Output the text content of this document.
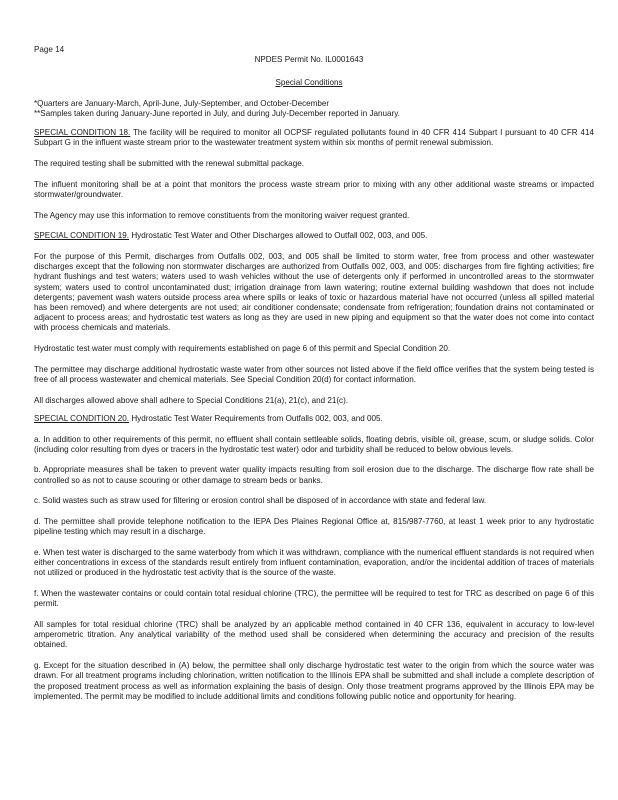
Page 14
NPDES Permit No. IL0001643
Special Conditions
*Quarters are January-March, April-June, July-September, and October-December
**Samples taken during January-June reported in July, and during July-December reported in January.

SPECIAL CONDITION 18. The facility will be required to monitor all OCPSF regulated pollutants found in 40 CFR 414 Subpart I pursuant to 40 CFR 414 Subpart G in the influent waste stream prior to the wastewater treatment system within six months of permit renewal submission.

The required testing shall be submitted with the renewal submittal package.

The influent monitoring shall be at a point that monitors the process waste stream prior to mixing with any other additional waste streams or impacted stormwater/groundwater.

The Agency may use this information to remove constituents from the monitoring waiver request granted.

SPECIAL CONDITION 19. Hydrostatic Test Water and Other Discharges allowed to Outfall 002, 003, and 005.

For the purpose of this Permit, discharges from Outfalls 002, 003, and 005 shall be limited to storm water, free from process and other wastewater discharges except that the following non stormwater discharges are authorized from Outfalls 002, 003, and 005: discharges from fire fighting activities; fire hydrant flushings and test waters; waters used to wash vehicles without the use of detergents only if performed in uncontrolled areas to the stormwater system; waters used to control uncontaminated dust; irrigation drainage from lawn watering; routine external building washdown that does not include detergents; pavement wash waters outside process area where spills or leaks of toxic or hazardous material have not occurred (unless all spilled material has been removed) and where detergents are not used; air conditioner condensate; condensate from refrigeration; foundation drains not contaminated or adjacent to process areas; and hydrostatic test waters as long as they are used in new piping and equipment so that the water does not come into contact with process chemicals and materials.

Hydrostatic test water must comply with requirements established on page 6 of this permit and Special Condition 20.

The permittee may discharge additional hydrostatic waste water from other sources not listed above if the field office verifies that the system being tested is free of all process wastewater and chemical materials. See Special Condition 20(d) for contact information.

All discharges allowed above shall adhere to Special Conditions 21(a), 21(c), and 21(c).

SPECIAL CONDITION 20. Hydrostatic Test Water Requirements from Outfalls 002, 003, and 005.

a. In addition to other requirements of this permit, no effluent shall contain settleable solids, floating debris, visible oil, grease, scum, or sludge solids. Color (including color resulting from dyes or tracers in the hydrostatic test water) odor and turbidity shall be reduced to below obvious levels.

b. Appropriate measures shall be taken to prevent water quality impacts resulting from soil erosion due to the discharge. The discharge flow rate shall be controlled so as not to cause scouring or other damage to stream beds or banks.

c. Solid wastes such as straw used for filtering or erosion control shall be disposed of in accordance with state and federal law.

d. The permittee shall provide telephone notification to the IEPA Des Plaines Regional Office at, 815/987-7760, at least 1 week prior to any hydrostatic pipeline testing which may result in a discharge.

e. When test water is discharged to the same waterbody from which it was withdrawn, compliance with the numerical effluent standards is not required when either concentrations in excess of the standards result entirely from influent contamination, evaporation, and/or the incidental addition of traces of materials not utilized or produced in the hydrostatic test activity that is the source of the waste.

f. When the wastewater contains or could contain total residual chlorine (TRC), the permittee will be required to test for TRC as described on page 6 of this permit.

All samples for total residual chlorine (TRC) shall be analyzed by an applicable method contained in 40 CFR 136, equivalent in accuracy to low-level amperometric titration. Any analytical variability of the method used shall be considered when determining the accuracy and precision of the results obtained.

g. Except for the situation described in (A) below, the permittee shall only discharge hydrostatic test water to the origin from which the source water was drawn. For all treatment programs including chlorination, written notification to the Illinois EPA shall be submitted and shall include a complete description of the proposed treatment process as well as information explaining the basis of design. Only those treatment programs approved by the Illinois EPA may be implemented. The permit may be modified to include additional limits and conditions following public notice and opportunity for hearing.
